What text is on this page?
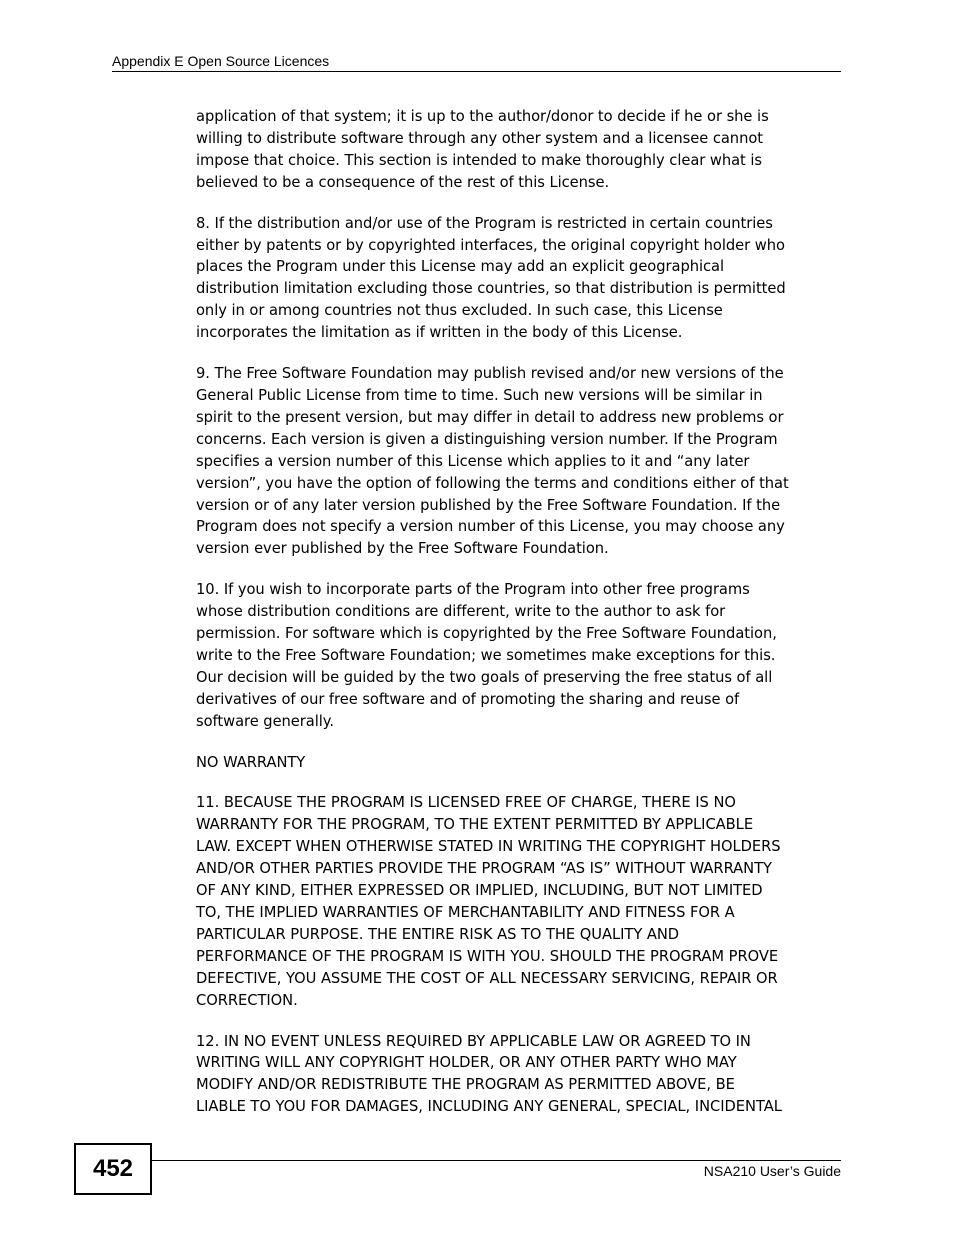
Appendix E Open Source Licences

application of that system; it is up to the author/donor to decide if he or she is
willing to distribute software through any other system and a licensee cannot
impose that choice. This section is intended to make thoroughly clear what is
believed to be a consequence of the rest of this License.

8. If the distribution and/or use of the Program is restricted in certain countries
either by patents or by copyrighted interfaces, the original copyright holder who
places the Program under this License may add an explicit geographical
distribution limitation excluding those countries, so that distribution is permitted
only in or among countries not thus excluded. In such case, this License
incorporates the limitation as if written in the body of this License.

9. The Free Software Foundation may publish revised and/or new versions of the
General Public License from time to time. Such new versions will be similar in
spirit to the present version, but may differ in detail to address new problems or
concerns. Each version is given a distinguishing version number. If the Program
specifies a version number of this License which applies to it and “any later
version”, you have the option of following the terms and conditions either of that
version or of any later version published by the Free Software Foundation. If the
Program does not specify a version number of this License, you may choose any
version ever published by the Free Software Foundation.

10. If you wish to incorporate parts of the Program into other free programs
whose distribution conditions are different, write to the author to ask for
permission. For software which is copyrighted by the Free Software Foundation,
write to the Free Software Foundation; we sometimes make exceptions for this.
Our decision will be guided by the two goals of preserving the free status of all
derivatives of our free software and of promoting the sharing and reuse of
software generally.

NO WARRANTY

11. BECAUSE THE PROGRAM IS LICENSED FREE OF CHARGE, THERE IS NO
WARRANTY FOR THE PROGRAM, TO THE EXTENT PERMITTED BY APPLICABLE
LAW. EXCEPT WHEN OTHERWISE STATED IN WRITING THE COPYRIGHT HOLDERS
AND/OR OTHER PARTIES PROVIDE THE PROGRAM “AS IS” WITHOUT WARRANTY
OF ANY KIND, EITHER EXPRESSED OR IMPLIED, INCLUDING, BUT NOT LIMITED
TO, THE IMPLIED WARRANTIES OF MERCHANTABILITY AND FITNESS FOR A
PARTICULAR PURPOSE. THE ENTIRE RISK AS TO THE QUALITY AND
PERFORMANCE OF THE PROGRAM IS WITH YOU. SHOULD THE PROGRAM PROVE
DEFECTIVE, YOU ASSUME THE COST OF ALL NECESSARY SERVICING, REPAIR OR
CORRECTION.

12. IN NO EVENT UNLESS REQUIRED BY APPLICABLE LAW OR AGREED TO IN
WRITING WILL ANY COPYRIGHT HOLDER, OR ANY OTHER PARTY WHO MAY
MODIFY AND/OR REDISTRIBUTE THE PROGRAM AS PERMITTED ABOVE, BE
LIABLE TO YOU FOR DAMAGES, INCLUDING ANY GENERAL, SPECIAL, INCIDENTAL

452	NSA210 User’s Guide
